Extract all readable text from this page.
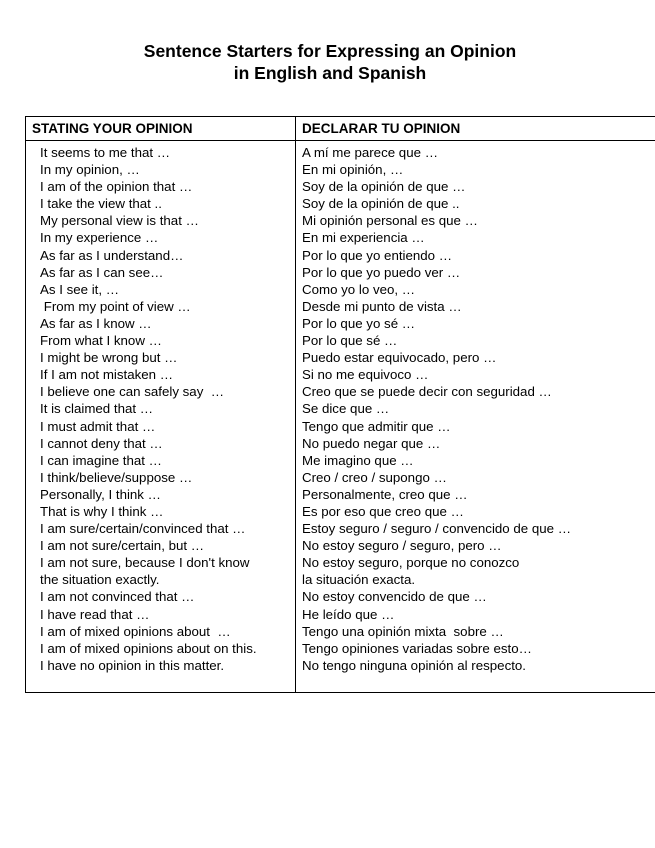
Sentence Starters for Expressing an Opinion
in English and Spanish
STATING YOUR OPINION	DECLARAR TU OPINION
It seems to me that …	A mí me parece que …
In my opinion, …	En mi opinión, …
I am of the opinion that …	Soy de la opinión de que …
I take the view that ..	Soy de la opinión de que ..
My personal view is that …	Mi opinión personal es que …
In my experience …	En mi experiencia …
As far as I understand…	Por lo que yo entiendo …
As far as I can see…	Por lo que yo puedo ver …
As I see it, …	Como yo lo veo, …
From my point of view …	Desde mi punto de vista …
As far as I know …	Por lo que yo sé …
From what I know …	Por lo que sé …
I might be wrong but …	Puedo estar equivocado, pero …
If I am not mistaken …	Si no me equivoco …
I believe one can safely say  …	Creo que se puede decir con seguridad …
It is claimed that …	Se dice que …
I must admit that …	Tengo que admitir que …
I cannot deny that …	No puedo negar que …
I can imagine that …	Me imagino que …
I think/believe/suppose …	Creo / creo / supongo …
Personally, I think …	Personalmente, creo que …
That is why I think …	Es por eso que creo que …
I am sure/certain/convinced that …	Estoy seguro / seguro / convencido de que …
I am not sure/certain, but …	No estoy seguro / seguro, pero …
I am not sure, because I don't know	No estoy seguro, porque no conozco
the situation exactly.	la situación exacta.
I am not convinced that …	No estoy convencido de que …
I have read that …	He leído que …
I am of mixed opinions about  …	Tengo una opinión mixta  sobre …
I am of mixed opinions about on this.	Tengo opiniones variadas sobre esto…
I have no opinion in this matter.	No tengo ninguna opinión al respecto.
